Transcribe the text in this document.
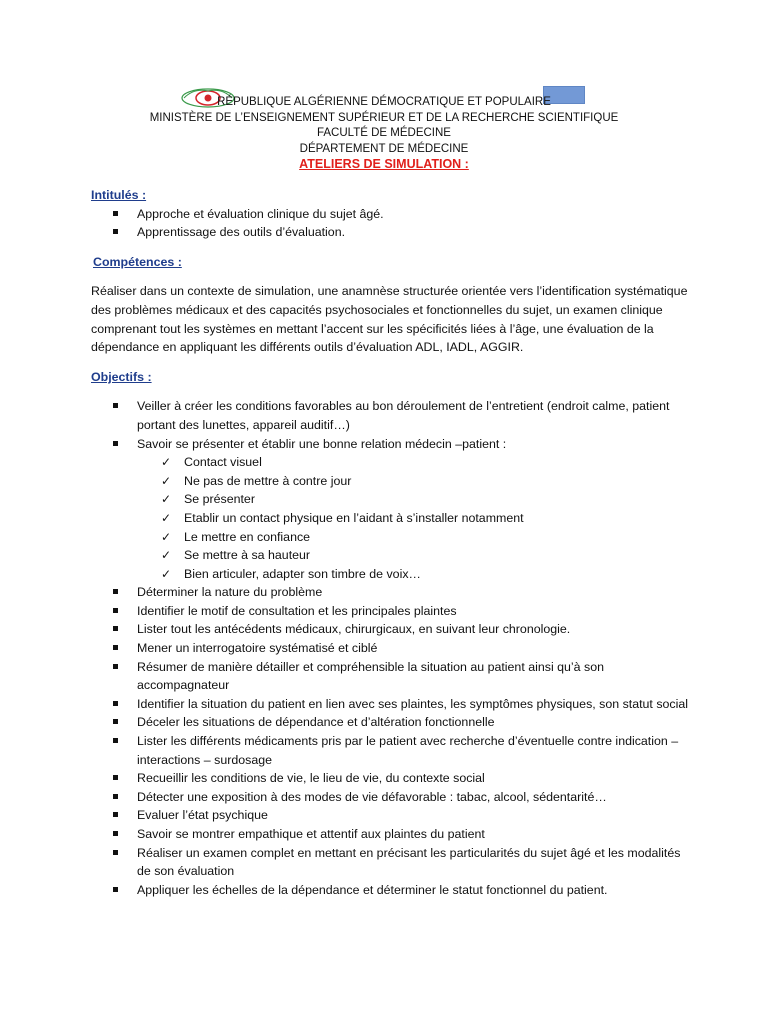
RÉPUBLIQUE ALGÉRIENNE DÉMOCRATIQUE ET POPULAIRE
MINISTÈRE DE L’ENSEIGNEMENT SUPÉRIEUR ET DE LA RECHERCHE SCIENTIFIQUE
FACULTÉ DE MÉDECINE
DÉPARTEMENT DE MÉDECINE
ATELIERS DE SIMULATION :

Intitulés :

Approche et évaluation clinique du sujet âgé.
Apprentissage des outils d’évaluation.

Compétences :

Réaliser dans un contexte de simulation, une anamnèse structurée orientée vers l’identification systématique des problèmes médicaux et des capacités psychosociales et fonctionnelles du sujet, un examen clinique comprenant tout les systèmes en mettant l’accent sur les spécificités liées à l’âge, une évaluation de la dépendance en appliquant les différents outils d’évaluation ADL, IADL, AGGIR.

Objectifs :

Veiller à créer les conditions favorables au bon déroulement de l’entretient (endroit calme, patient portant des lunettes, appareil auditif…)
Savoir se présenter et établir une bonne relation médecin –patient :
✓ Contact visuel
✓ Ne pas de mettre à contre jour
✓ Se présenter
✓ Etablir un contact physique en l’aidant à s’installer notamment
✓ Le mettre en confiance
✓ Se mettre à sa hauteur
✓ Bien articuler, adapter son timbre de voix…
Déterminer la nature du problème
Identifier le motif de consultation et les principales plaintes
Lister tout les antécédents médicaux, chirurgicaux, en suivant leur chronologie.
Mener un interrogatoire systématisé et ciblé
Résumer de manière détailler et compréhensible la situation au patient ainsi qu’à son accompagnateur
Identifier la situation du patient en lien avec ses plaintes, les symptômes physiques, son statut social
Déceler les situations de dépendance et d’altération fonctionnelle
Lister les différents médicaments pris par le patient avec recherche d’éventuelle contre indication – interactions – surdosage
Recueillir les conditions de vie, le lieu de vie, du contexte social
Détecter une exposition à des modes de vie défavorable : tabac, alcool, sédentarité…
Evaluer l’état psychique
Savoir se montrer empathique et attentif aux plaintes du patient
Réaliser un examen complet en mettant en précisant les particularités du sujet âgé et les modalités de son évaluation
Appliquer les échelles de la dépendance et déterminer le statut fonctionnel du patient.
